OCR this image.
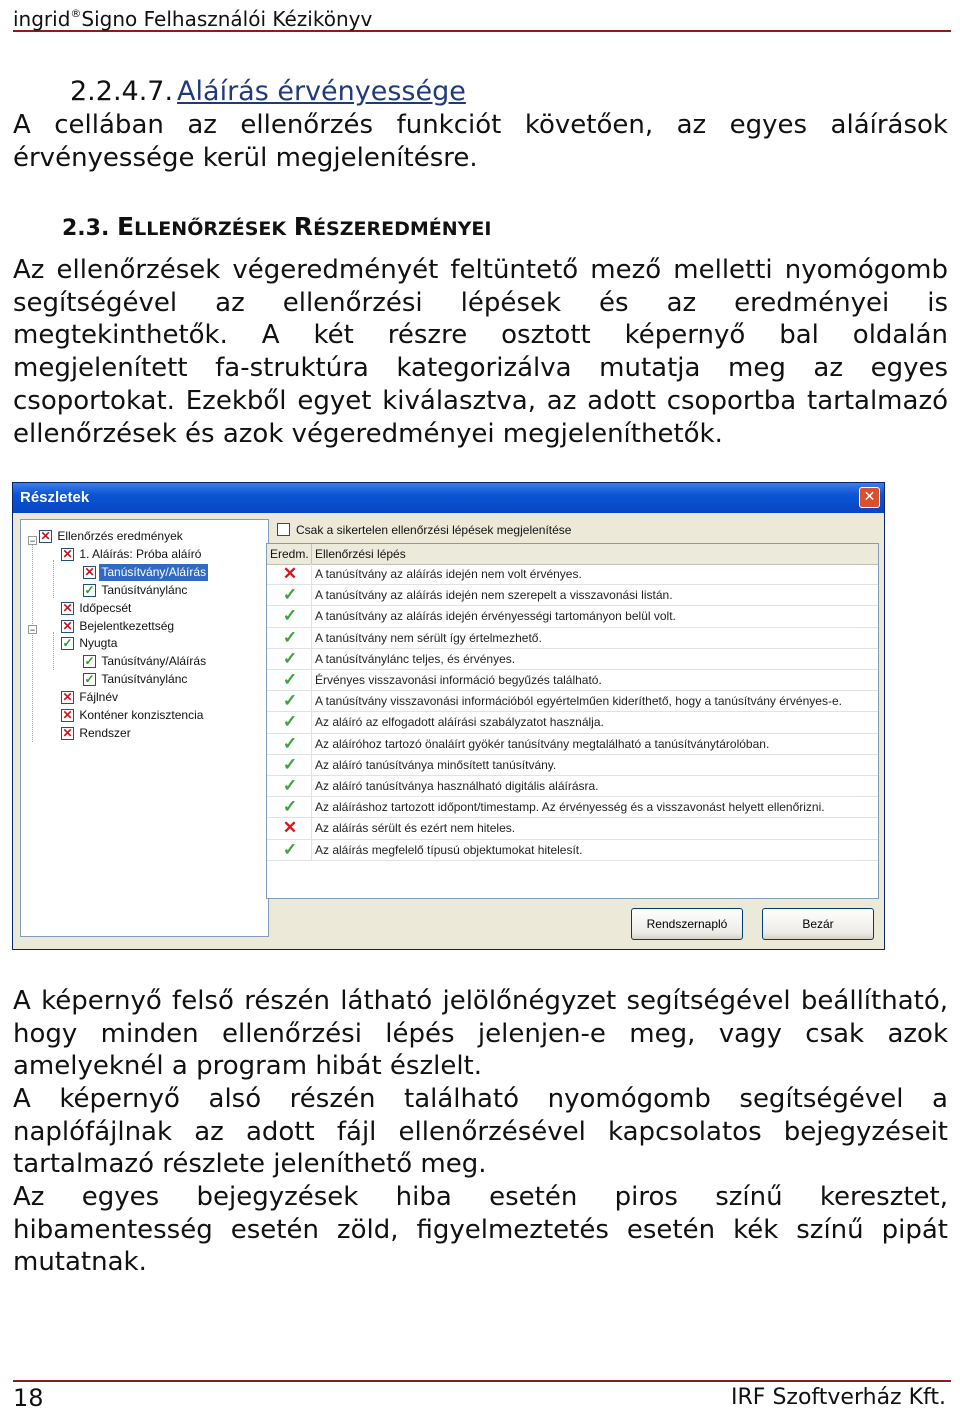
ingrid®Signo Felhasználói Kézikönyv
2.2.4.7. Aláírás érvényessége

A cellában az ellenőrzés funkciót követően, az egyes aláírások érvényessége kerül megjelenítésre.

2.3. ELLENŐRZÉSEK RÉSZEREDMÉNYEI

Az ellenőrzések végeredményét feltüntető mező melletti nyomógomb segítségével az ellenőrzési lépések és az eredményei is megtekinthetők. A két részre osztott képernyő bal oldalán megjelenített fa-struktúra kategorizálva mutatja meg az egyes csoportokat. Ezekből egyet kiválasztva, az adott csoportba tartalmazó ellenőrzések és azok végeredményei megjeleníthetők.

Részletek	✕
−
−
✕ Ellenőrzés eredmények
✕ 1. Aláírás: Próba aláíró
✕ Tanúsítvány/Aláírás
✓ Tanúsítványlánc
✕ Időpecsét
✕ Bejelentkezettség
✓ Nyugta
✓ Tanúsítvány/Aláírás
✓ Tanúsítványlánc
✕ Fájlnév
✕ Konténer konzisztencia
✕ Rendszer
Csak a sikertelen ellenőrzési lépések megjelenítése
Eredm. Ellenőrzési lépés
✕ A tanúsítvány az aláírás idején nem volt érvényes.
✓ A tanúsítvány az aláírás idején nem szerepelt a visszavonási listán.
✓ A tanúsítvány az aláírás idején érvényességi tartományon belül volt.
✓ A tanúsítvány nem sérült így értelmezhető.
✓ A tanúsítványlánc teljes, és érvényes.
✓ Érvényes visszavonási információ begyűzés található.
✓ A tanúsítvány visszavonási információból egyértelműen kideríthető, hogy a tanúsítvány érvényes-e.
✓ Az aláíró az elfogadott aláírási szabályzatot használja.
✓ Az aláíróhoz tartozó önaláírt gyökér tanúsítvány megtalálható a tanúsítványtárolóban.
✓ Az aláíró tanúsítványa minősített tanúsítvány.
✓ Az aláíró tanúsítványa használható digitális aláírásra.
✓ Az aláíráshoz tartozott időpont/timestamp. Az érvényesség és a visszavonást helyett ellenőrizni.
✕ Az aláírás sérült és ezért nem hiteles.
✓ Az aláírás megfelelő típusú objektumokat hitelesít.
Rendszernapló	Bezár

A képernyő felső részén látható jelölőnégyzet segítségével beállítható, hogy minden ellenőrzési lépés jelenjen-e meg, vagy csak azok amelyeknél a program hibát észlelt.

A képernyő alsó részén található nyomógomb segítségével a naplófájlnak az adott fájl ellenőrzésével kapcsolatos bejegyzéseit tartalmazó részlete jeleníthető meg.

Az egyes bejegyzések hiba esetén piros színű keresztet, hibamentesség esetén zöld, figyelmeztetés esetén kék színű pipát mutatnak.

18	IRF Szoftverház Kft.
